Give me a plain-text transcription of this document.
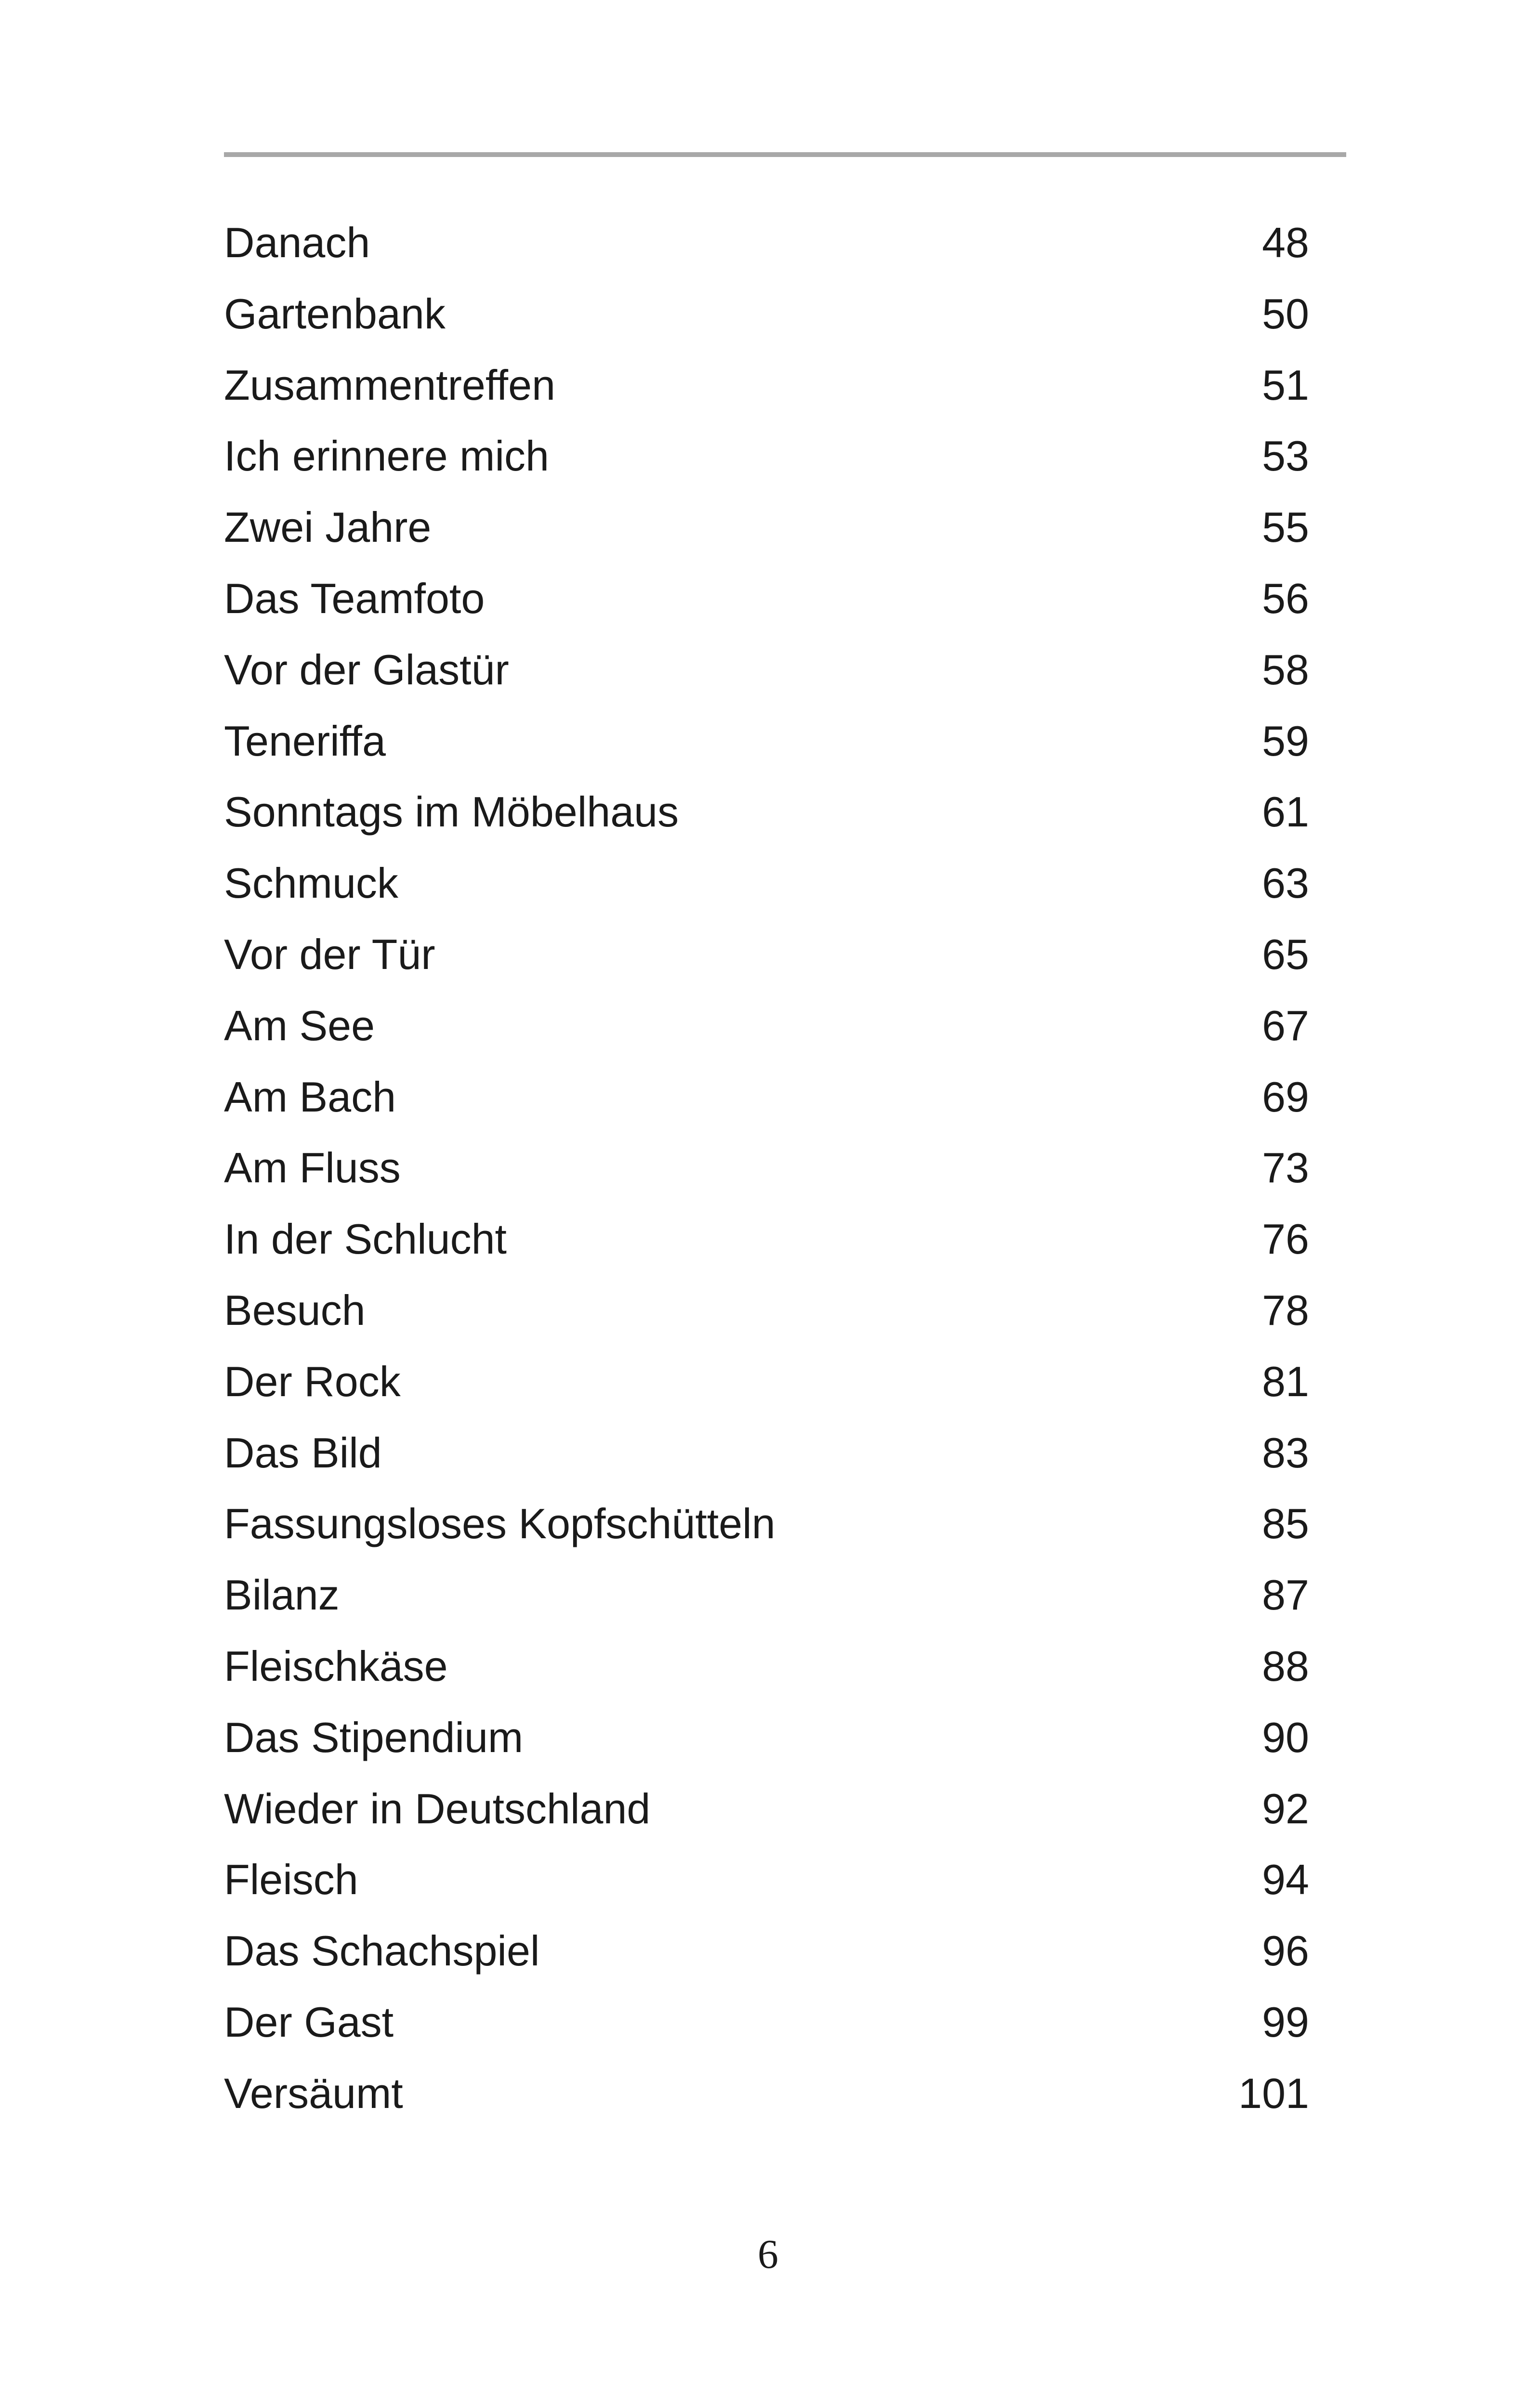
Danach	48
Gartenbank	50
Zusammentreffen	51
Ich erinnere mich	53
Zwei Jahre	55
Das Teamfoto	56
Vor der Glastür	58
Teneriffa	59
Sonntags im Möbelhaus	61
Schmuck	63
Vor der Tür	65
Am See	67
Am Bach	69
Am Fluss	73
In der Schlucht	76
Besuch	78
Der Rock	81
Das Bild	83
Fassungsloses Kopfschütteln	85
Bilanz	87
Fleischkäse	88
Das Stipendium	90
Wieder in Deutschland	92
Fleisch	94
Das Schachspiel	96
Der Gast	99
Versäumt	101
6
